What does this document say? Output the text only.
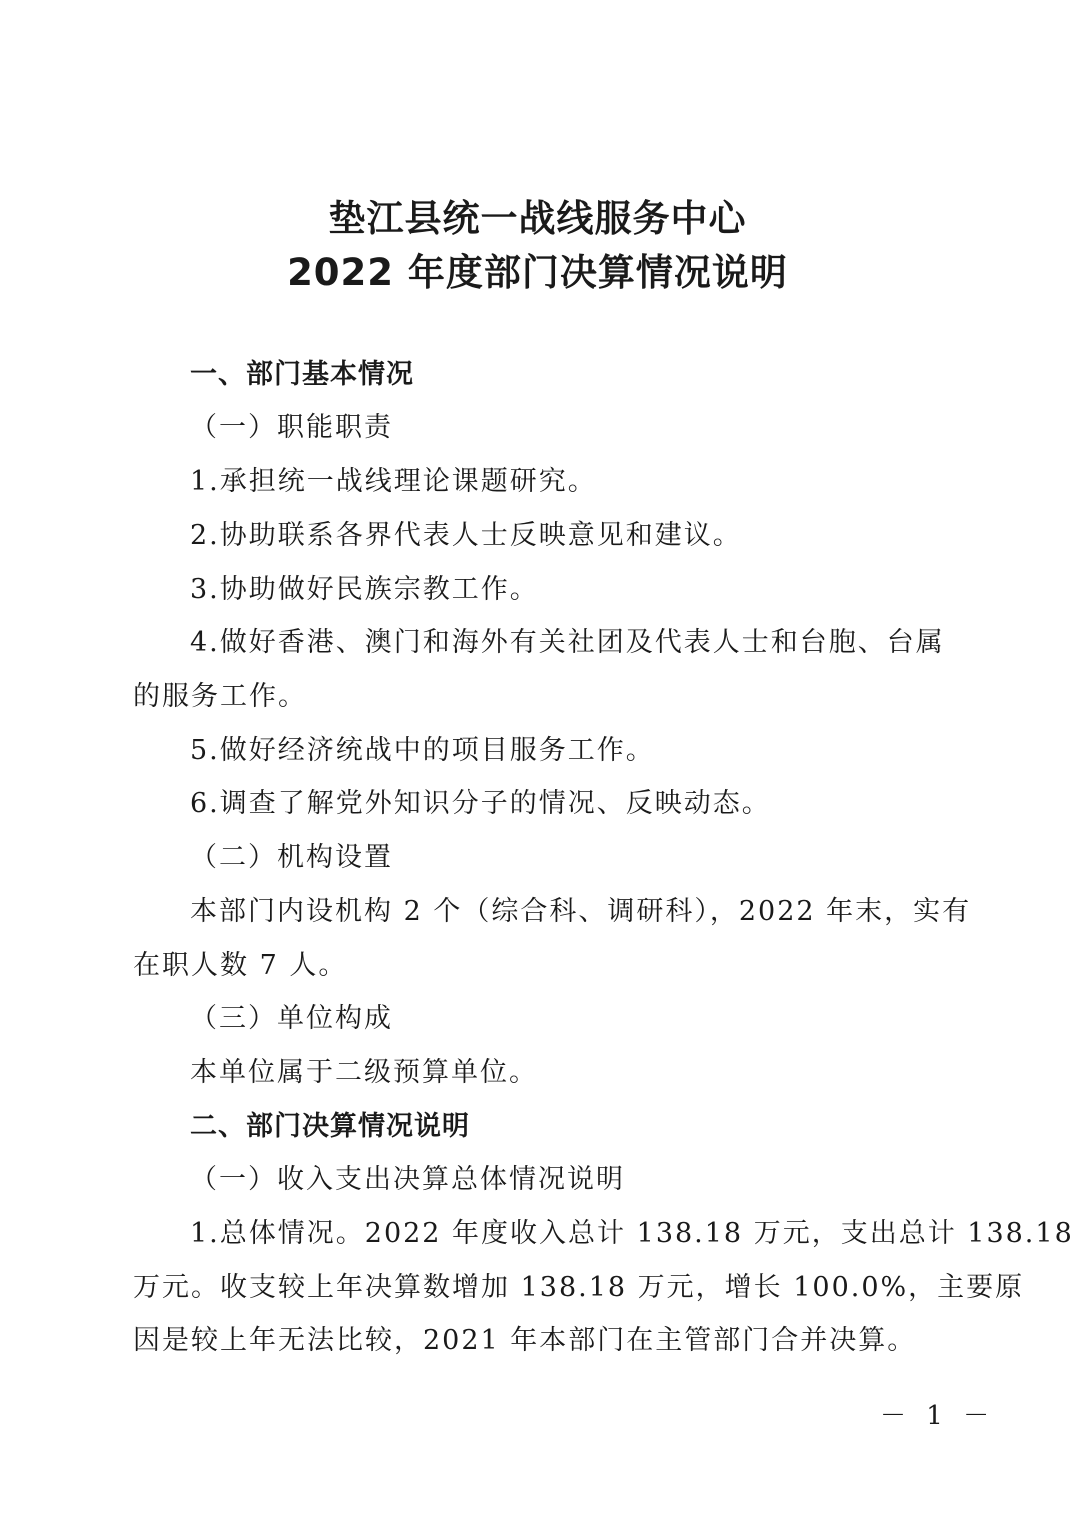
垫江县统一战线服务中心
2022 年度部门决算情况说明
一、部门基本情况
（一）职能职责
1.承担统一战线理论课题研究。
2.协助联系各界代表人士反映意见和建议。
3.协助做好民族宗教工作。
4.做好香港、澳门和海外有关社团及代表人士和台胞、台属
的服务工作。
5.做好经济统战中的项目服务工作。
6.调查了解党外知识分子的情况、反映动态。
（二）机构设置
本部门内设机构 2 个（综合科、调研科），2022 年末，实有
在职人数 7 人。
（三）单位构成
本单位属于二级预算单位。
二、部门决算情况说明
（一）收入支出决算总体情况说明
1.总体情况。2022 年度收入总计 138.18 万元，支出总计 138.18
万元。收支较上年决算数增加 138.18 万元，增长 100.0%，主要原
因是较上年无法比较，2021 年本部门在主管部门合并决算。
－ 1 －
